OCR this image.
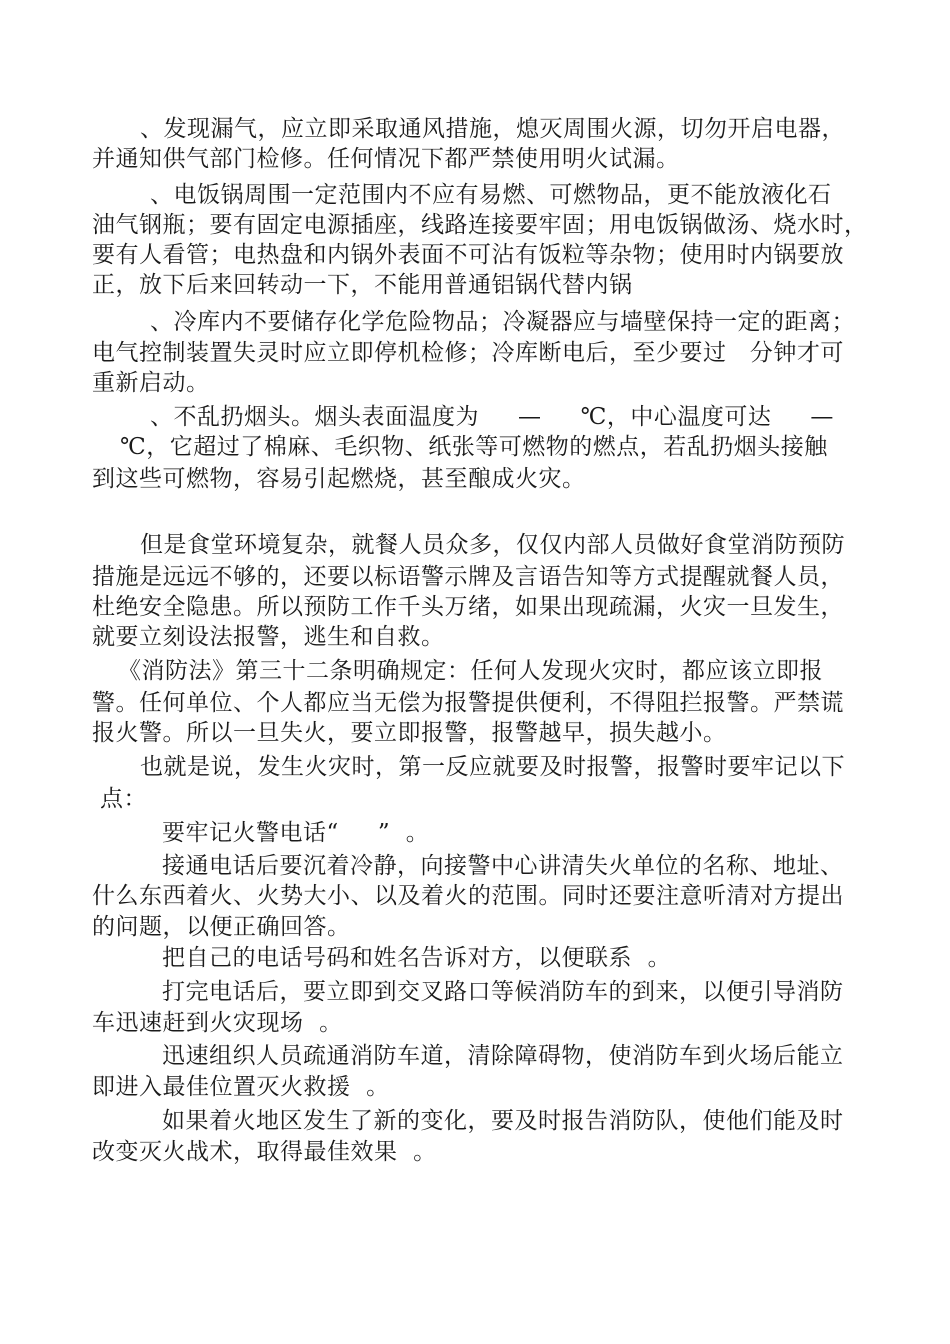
、发现漏气，应立即采取通风措施，熄灭周围火源，切勿开启电器，

并通知供气部门检修。任何情况下都严禁使用明火试漏。

、电饭锅周围一定范围内不应有易燃、可燃物品，更不能放液化石

油气钢瓶；要有固定电源插座，线路连接要牢固；用电饭锅做汤、烧水时，

要有人看管；电热盘和内锅外表面不可沾有饭粒等杂物；使用时内锅要放

正，放下后来回转动一下，不能用普通铝锅代替内锅

、冷库内不要储存化学危险物品；冷凝器应与墙壁保持一定的距离；

电气控制装置失灵时应立即停机检修；冷库断电后，至少要过   分钟才可

重新启动。

、不乱扔烟头。烟头表面温度为     —     ℃，中心温度可达     —

℃，它超过了棉麻、毛织物、纸张等可燃物的燃点，若乱扔烟头接触

到这些可燃物，容易引起燃烧，甚至酿成火灾。

但是食堂环境复杂，就餐人员众多，仅仅内部人员做好食堂消防预防

措施是远远不够的，还要以标语警示牌及言语告知等方式提醒就餐人员，

杜绝安全隐患。所以预防工作千头万绪，如果出现疏漏，火灾一旦发生，

就要立刻设法报警，逃生和自救。

《消防法》第三十二条明确规定：任何人发现火灾时，都应该立即报

警。任何单位、个人都应当无偿为报警提供便利，不得阻拦报警。严禁谎

报火警。所以一旦失火，要立即报警，报警越早，损失越小。

也就是说，发生火灾时，第一反应就要及时报警，报警时要牢记以下

点：

要牢记火警电话“     ”  。

接通电话后要沉着冷静，向接警中心讲清失火单位的名称、地址、

什么东西着火、火势大小、以及着火的范围。同时还要注意听清对方提出

的问题，以便正确回答。

把自己的电话号码和姓名告诉对方，以便联系  。

打完电话后，要立即到交叉路口等候消防车的到来，以便引导消防

车迅速赶到火灾现场  。

迅速组织人员疏通消防车道，清除障碍物，使消防车到火场后能立

即进入最佳位置灭火救援  。

如果着火地区发生了新的变化，要及时报告消防队，使他们能及时

改变灭火战术，取得最佳效果  。
